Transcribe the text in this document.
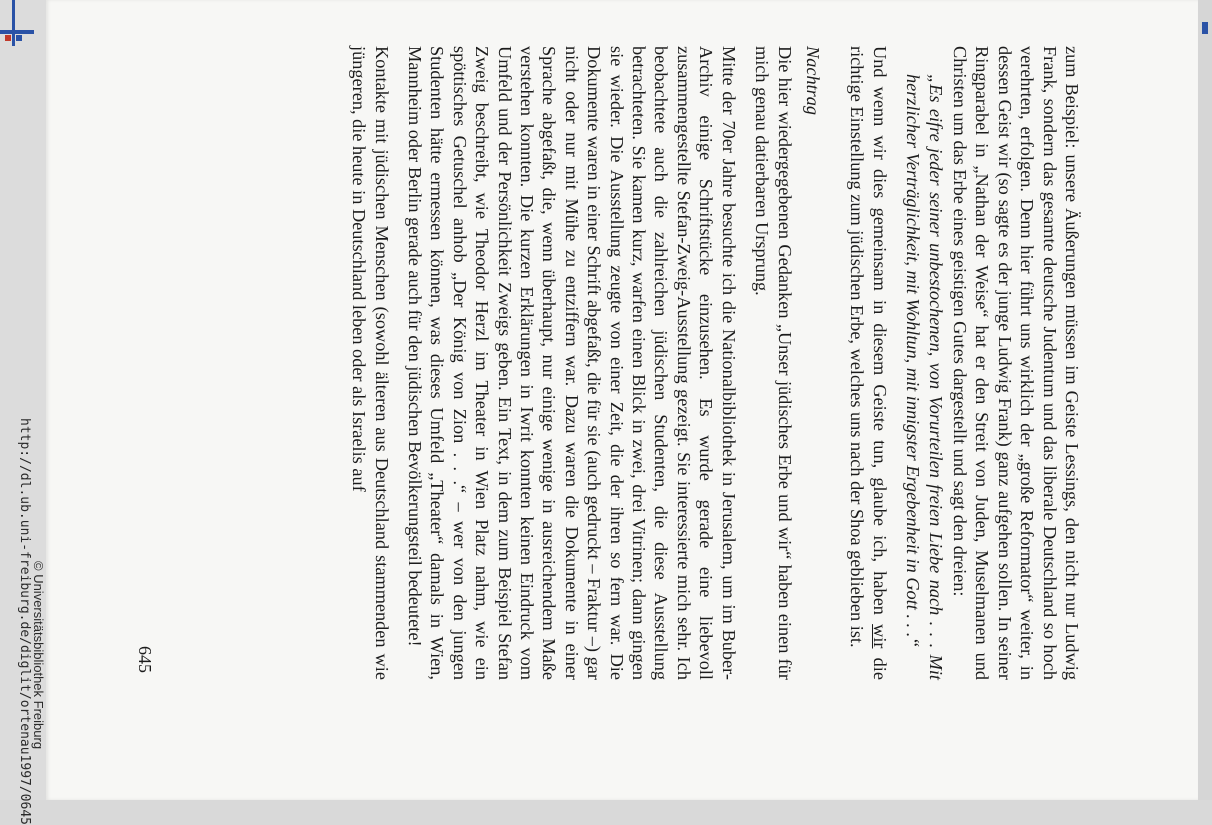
http://dl.ub.uni-freiburg.de/diglit/ortenau1997/0645 © Universitätsbibliothek Freiburg	zum Beispiel: unsere Äußerungen müssen im Geiste Lessings, den nicht nur Ludwig Frank, sondern das gesamte deutsche Judentum und das liberale Deutschland so hoch verehrten, erfolgen. Denn hier führt uns wirklich der „große Reformator“ weiter, in dessen Geist wir (so sagte es der junge Ludwig Frank) ganz aufgehen sollen. In seiner Ringparabel in „Nathan der Weise“ hat er den Streit von Juden, Muselmanen und Christen um das Erbe eines geistigen Gutes dargestellt und sagt den dreien:

„Es eifre jeder seiner unbestochenen, von Vorurteilen freien Liebe nach . . . Mit herzlicher Verträglichkeit, mit Wohltun, mit innigster Ergebenheit in Gott . . .“

Und wenn wir dies gemeinsam in diesem Geiste tun, glaube ich, haben wir die richtige Einstellung zum jüdischen Erbe, welches uns nach der Shoa geblieben ist.

Nachtrag

Die hier wiedergegebenen Gedanken „Unser jüdisches Erbe und wir“ haben einen für mich genau datierbaren Ursprung.

Mitte der 70er Jahre besuchte ich die Nationalbibliothek in Jerusalem, um im Buber-Archiv einige Schriftstücke einzusehen. Es wurde gerade eine liebevoll zusammengestellte Stefan-Zweig-Ausstellung gezeigt. Sie interessierte mich sehr. Ich beobachtete auch die zahlreichen jüdischen Studenten, die diese Ausstellung betrachteten. Sie kamen kurz, warfen einen Blick in zwei, drei Vitrinen; dann gingen sie wieder. Die Ausstellung zeugte von einer Zeit, die der ihren so fern war. Die Dokumente waren in einer Schrift abgefaßt, die für sie (auch gedruckt – Fraktur –) gar nicht oder nur mit Mühe zu entziffern war. Dazu waren die Dokumente in einer Sprache abgefaßt, die, wenn überhaupt, nur einige wenige in ausreichendem Maße verstehen konnten. Die kurzen Erklärungen in Iwrit konnten keinen Eindruck vom Umfeld und der Persönlichkeit Zweigs geben. Ein Text, in dem zum Beispiel Stefan Zweig beschreibt, wie Theodor Herzl im Theater in Wien Platz nahm, wie ein spöttisches Getuschel anhob „Der König von Zion . . .“ – wer von den jungen Studenten hätte ermessen können, was dieses Umfeld „Theater“ damals in Wien, Mannheim oder Berlin gerade auch für den jüdischen Bevölkerungsteil bedeutete!

Kontakte mit jüdischen Menschen (sowohl älteren aus Deutschland stammenden wie jüngeren, die heute in Deutschland leben oder als Israelis auf

645
